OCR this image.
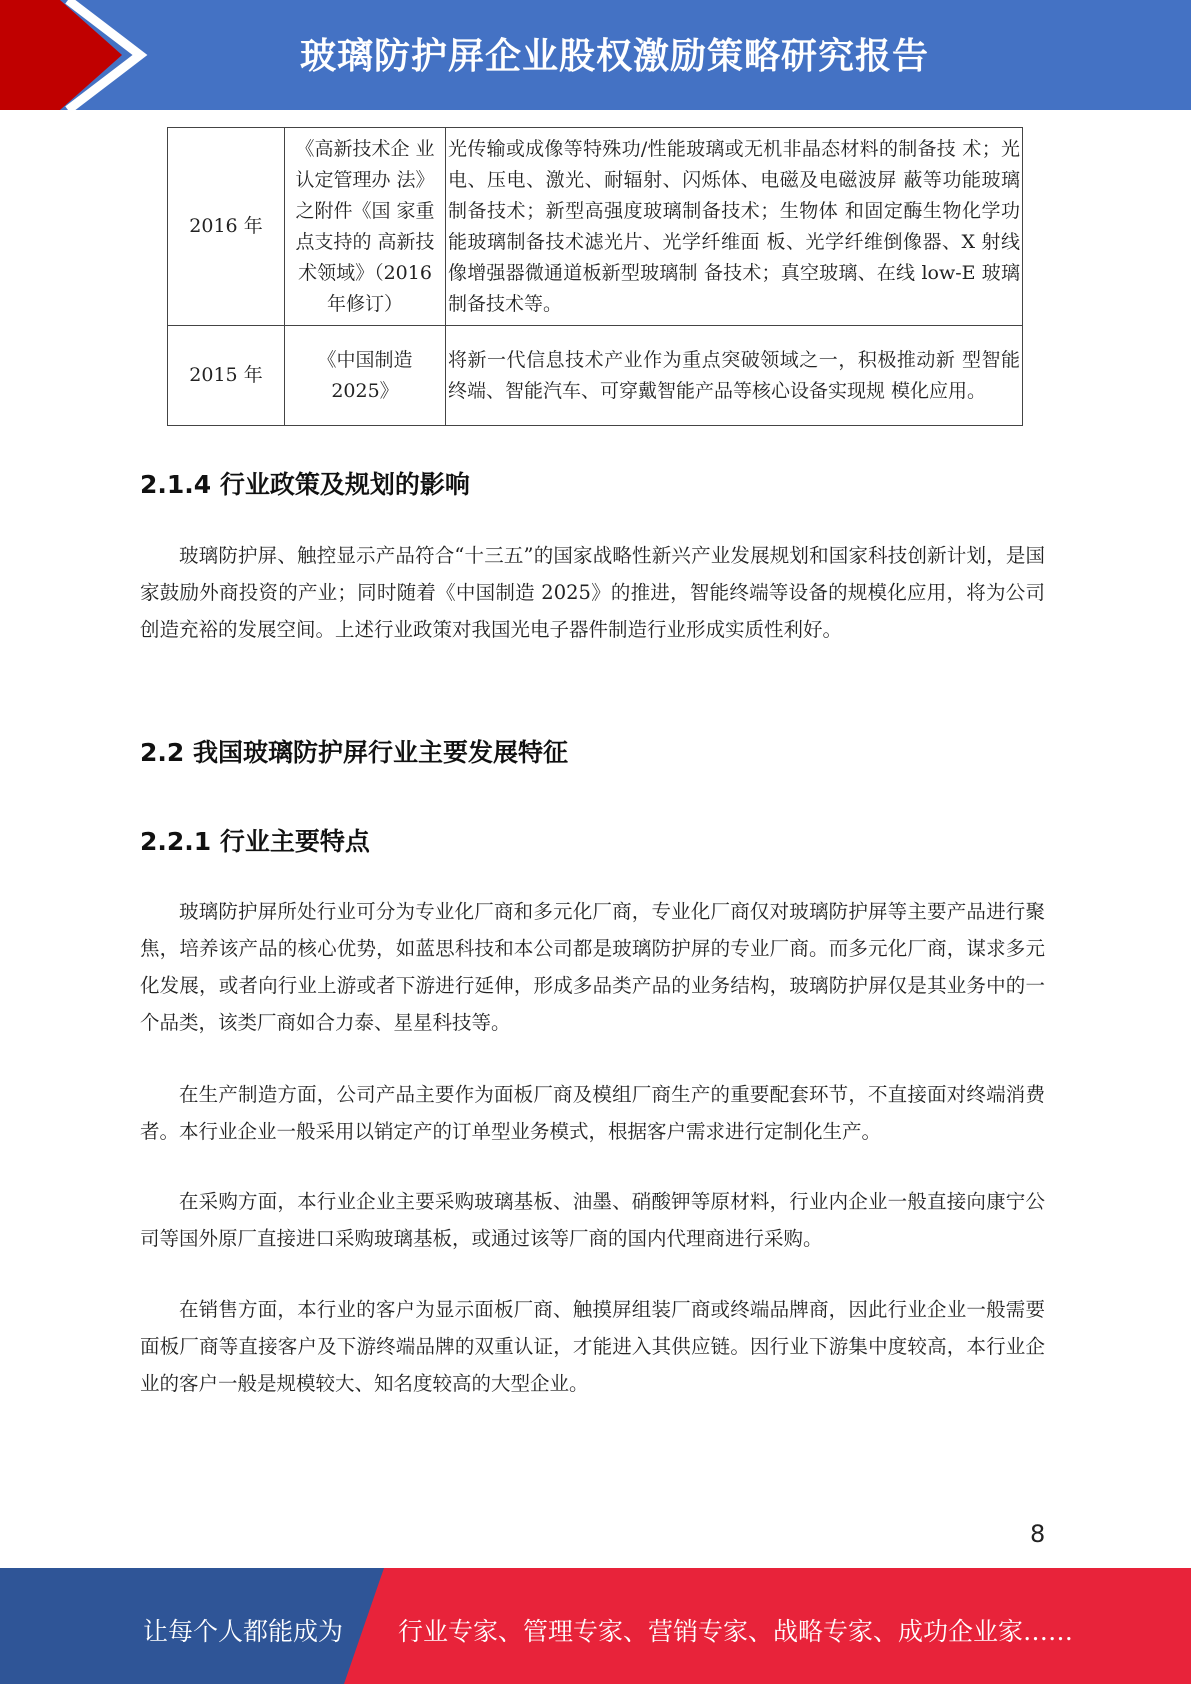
玻璃防护屏企业股权激励策略研究报告
2016 年	《高新技术企 业认定管理办 法》之附件《国 家重点支持的 高新技术领域》（2016 年修订）	光传输或成像等特殊功/性能玻璃或无机非晶态材料的制备技 术；光电、压电、激光、耐辐射、闪烁体、电磁及电磁波屏 蔽等功能玻璃制备技术；新型高强度玻璃制备技术；生物体 和固定酶生物化学功能玻璃制备技术滤光片、光学纤维面 板、光学纤维倒像器、X 射线像增强器微通道板新型玻璃制 备技术；真空玻璃、在线 low-E 玻璃制备技术等。
2015 年	《中国制造 2025》	将新一代信息技术产业作为重点突破领域之一，积极推动新 型智能终端、智能汽车、可穿戴智能产品等核心设备实现规 模化应用。
2.1.4 行业政策及规划的影响

玻璃防护屏、触控显示产品符合“十三五”的国家战略性新兴产业发展规划和国家科技创新计划，是国家鼓励外商投资的产业；同时随着《中国制造 2025》的推进，智能终端等设备的规模化应用，将为公司创造充裕的发展空间。上述行业政策对我国光电子器件制造行业形成实质性利好。

2.2 我国玻璃防护屏行业主要发展特征
2.2.1 行业主要特点

玻璃防护屏所处行业可分为专业化厂商和多元化厂商，专业化厂商仅对玻璃防护屏等主要产品进行聚焦，培养该产品的核心优势，如蓝思科技和本公司都是玻璃防护屏的专业厂商。而多元化厂商，谋求多元化发展，或者向行业上游或者下游进行延伸，形成多品类产品的业务结构，玻璃防护屏仅是其业务中的一个品类，该类厂商如合力泰、星星科技等。

在生产制造方面，公司产品主要作为面板厂商及模组厂商生产的重要配套环节，不直接面对终端消费者。本行业企业一般采用以销定产的订单型业务模式，根据客户需求进行定制化生产。

在采购方面，本行业企业主要采购玻璃基板、油墨、硝酸钾等原材料，行业内企业一般直接向康宁公司等国外原厂直接进口采购玻璃基板，或通过该等厂商的国内代理商进行采购。

在销售方面，本行业的客户为显示面板厂商、触摸屏组装厂商或终端品牌商，因此行业企业一般需要面板厂商等直接客户及下游终端品牌的双重认证，才能进入其供应链。因行业下游集中度较高，本行业企业的客户一般是规模较大、知名度较高的大型企业。

8
让每个人都能成为 行业专家、管理专家、营销专家、战略专家、成功企业家……
